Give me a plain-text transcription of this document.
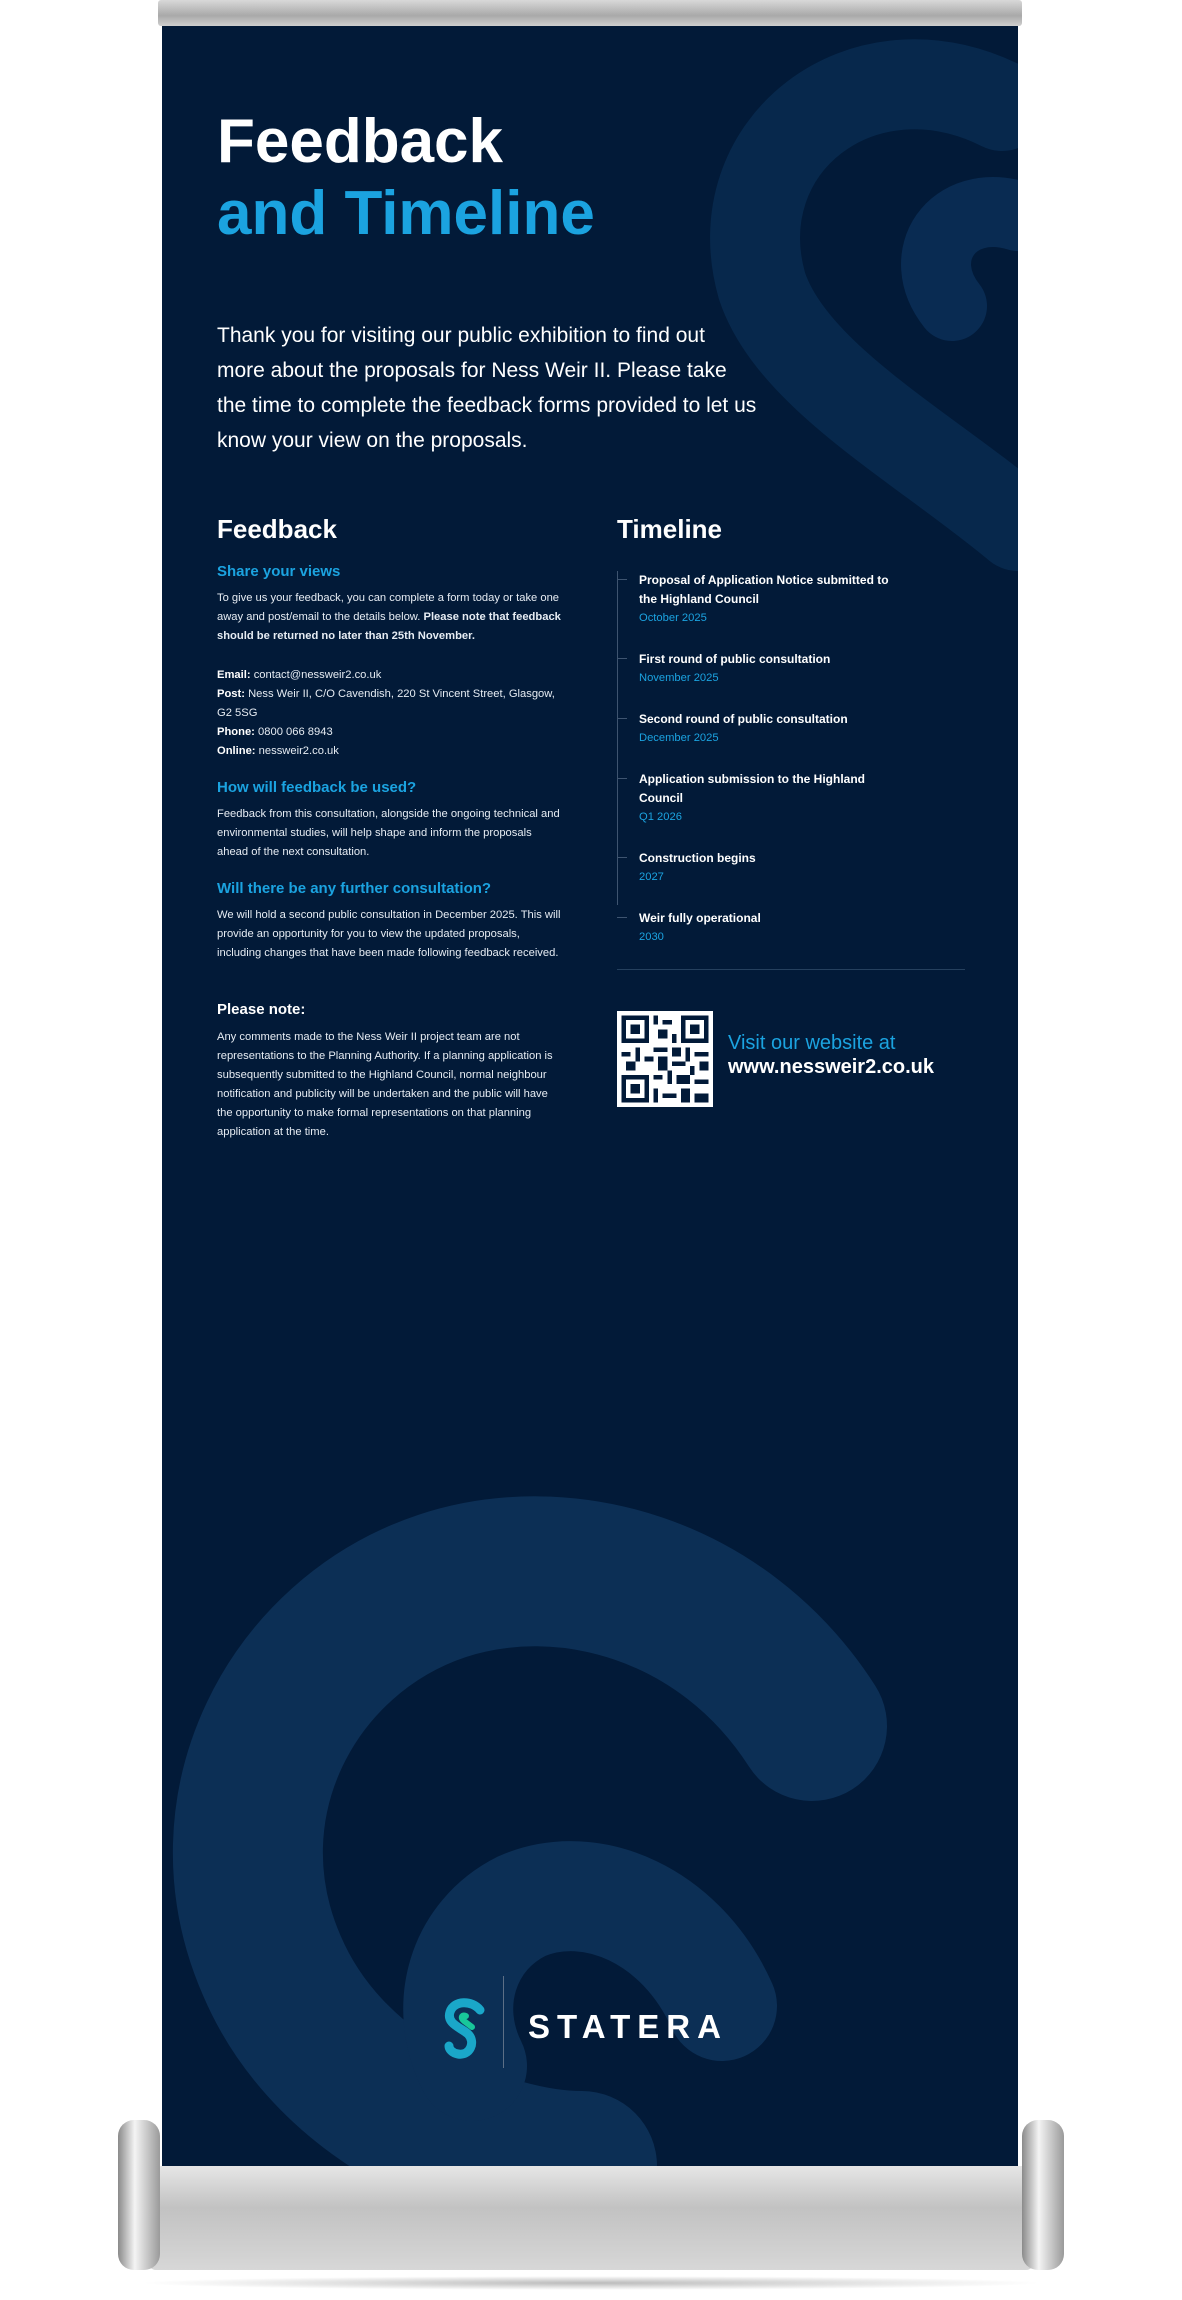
Feedback
and Timeline

Thank you for visiting our public exhibition to find out more about the proposals for Ness Weir II. Please take the time to complete the feedback forms provided to let us know your view on the proposals.

Feedback
Share your views

To give us your feedback, you can complete a form today or take one away and post/email to the details below. Please note that feedback should be returned no later than 25th November.

Email: contact@nessweir2.co.uk
Post: Ness Weir II, C/O Cavendish, 220 St Vincent Street, Glasgow, G2 5SG
Phone: 0800 066 8943
Online: nessweir2.co.uk
How will feedback be used?

Feedback from this consultation, alongside the ongoing technical and environmental studies, will help shape and inform the proposals ahead of the next consultation.

Will there be any further consultation?

We will hold a second public consultation in December 2025. This will provide an opportunity for you to view the updated proposals, including changes that have been made following feedback received.

Please note:

Any comments made to the Ness Weir II project team are not representations to the Planning Authority. If a planning application is subsequently submitted to the Highland Council, normal neighbour notification and publicity will be undertaken and the public will have the opportunity to make formal representations on that planning application at the time.

Timeline
Proposal of Application Notice submitted to the Highland Council
October 2025
First round of public consultation
November 2025
Second round of public consultation
December 2025
Application submission to the Highland Council
Q1 2026
Construction begins
2027
Weir fully operational
2030
Visit our website at
www.nessweir2.co.uk
STATERA
